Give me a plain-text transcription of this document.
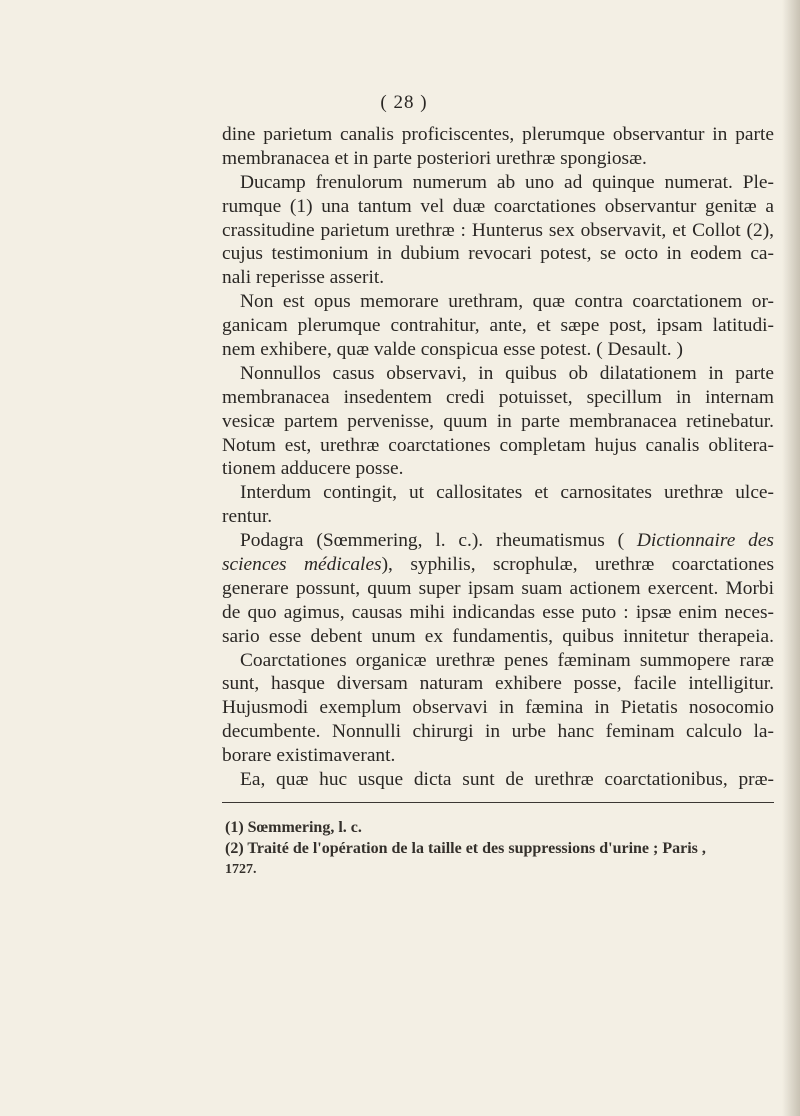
( 28 )
dine parietum canalis proficiscentes, plerumque observantur in parte
membranacea et in parte posteriori urethræ spongiosæ.
Ducamp frenulorum numerum ab uno ad quinque numerat. Ple-
rumque (1) una tantum vel duæ coarctationes observantur genitæ a
crassitudine parietum urethræ : Hunterus sex observavit, et Collot (2),
cujus testimonium in dubium revocari potest, se octo in eodem ca-
nali reperisse asserit.
Non est opus memorare urethram, quæ contra coarctationem or-
ganicam plerumque contrahitur, ante, et sæpe post, ipsam latitudi-
nem exhibere, quæ valde conspicua esse potest. ( Desault. )
Nonnullos casus observavi, in quibus ob dilatationem in parte
membranacea insedentem credi potuisset, specillum in internam
vesicæ partem pervenisse, quum in parte membranacea retinebatur.
Notum est, urethræ coarctationes completam hujus canalis oblitera-
tionem adducere posse.
Interdum contingit, ut callositates et carnositates urethræ ulce-
rentur.
Podagra (Sœmmering, l. c.). rheumatismus ( Dictionnaire des
sciences médicales), syphilis, scrophulæ, urethræ coarctationes
generare possunt, quum super ipsam suam actionem exercent. Morbi
de quo agimus, causas mihi indicandas esse puto : ipsæ enim neces-
sario esse debent unum ex fundamentis, quibus innitetur therapeia.
Coarctationes organicæ urethræ penes fæminam summopere raræ
sunt, hasque diversam naturam exhibere posse, facile intelligitur.
Hujusmodi exemplum observavi in fæmina in Pietatis nosocomio
decumbente. Nonnulli chirurgi in urbe hanc feminam calculo la-
borare existimaverant.
Ea, quæ huc usque dicta sunt de urethræ coarctationibus, præ-
(1) Sœmmering, l. c.
(2) Traité de l'opération de la taille et des suppressions d'urine ; Paris ,
1727.
